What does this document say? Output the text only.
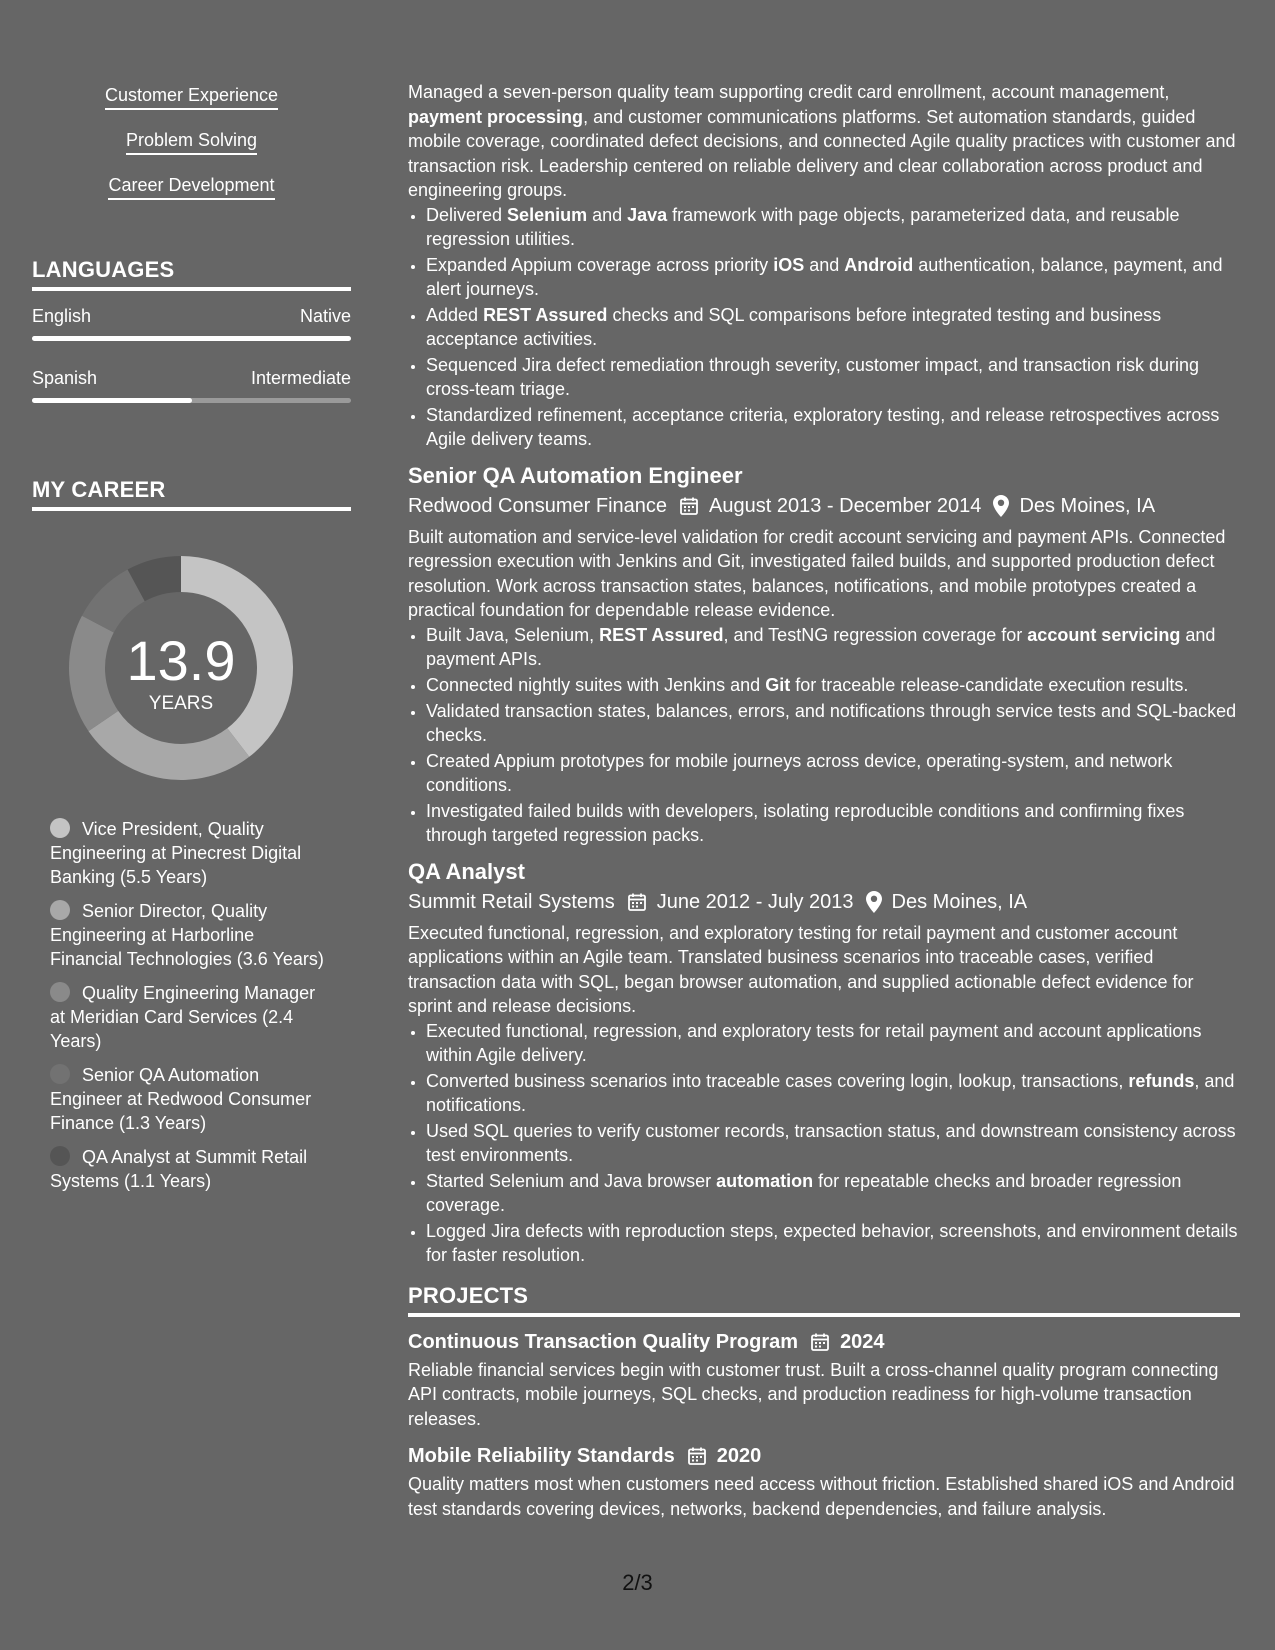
Customer Experience
Problem Solving
Career Development
LANGUAGES
English	Native
Spanish	Intermediate
MY CAREER
13.9
YEARS
Vice President, Quality Engineering at Pinecrest Digital Banking (5.5 Years)
Senior Director, Quality Engineering at Harborline Financial Technologies (3.6 Years)
Quality Engineering Manager at Meridian Card Services (2.4 Years)
Senior QA Automation Engineer at Redwood Consumer Finance (1.3 Years)
QA Analyst at Summit Retail Systems (1.1 Years)

Managed a seven-person quality team supporting credit card enrollment, account management, payment processing, and customer communications platforms. Set automation standards, guided mobile coverage, coordinated defect decisions, and connected Agile quality practices with customer and transaction risk. Leadership centered on reliable delivery and clear collaboration across product and engineering groups.

• Delivered Selenium and Java framework with page objects, parameterized data, and reusable regression utilities.
• Expanded Appium coverage across priority iOS and Android authentication, balance, payment, and alert journeys.
• Added REST Assured checks and SQL comparisons before integrated testing and business acceptance activities.
• Sequenced Jira defect remediation through severity, customer impact, and transaction risk during cross-team triage.
• Standardized refinement, acceptance criteria, exploratory testing, and release retrospectives across Agile delivery teams.
Senior QA Automation Engineer
Redwood Consumer Finance August 2013 - December 2014 Des Moines, IA

Built automation and service-level validation for credit account servicing and payment APIs. Connected regression execution with Jenkins and Git, investigated failed builds, and supported production defect resolution. Work across transaction states, balances, notifications, and mobile prototypes created a practical foundation for dependable release evidence.

• Built Java, Selenium, REST Assured, and TestNG regression coverage for account servicing and payment APIs.
• Connected nightly suites with Jenkins and Git for traceable release-candidate execution results.
• Validated transaction states, balances, errors, and notifications through service tests and SQL-backed checks.
• Created Appium prototypes for mobile journeys across device, operating-system, and network conditions.
• Investigated failed builds with developers, isolating reproducible conditions and confirming fixes through targeted regression packs.
QA Analyst
Summit Retail Systems June 2012 - July 2013 Des Moines, IA

Executed functional, regression, and exploratory testing for retail payment and customer account applications within an Agile team. Translated business scenarios into traceable cases, verified transaction data with SQL, began browser automation, and supplied actionable defect evidence for sprint and release decisions.

• Executed functional, regression, and exploratory tests for retail payment and account applications within Agile delivery.
• Converted business scenarios into traceable cases covering login, lookup, transactions, refunds, and notifications.
• Used SQL queries to verify customer records, transaction status, and downstream consistency across test environments.
• Started Selenium and Java browser automation for repeatable checks and broader regression coverage.
• Logged Jira defects with reproduction steps, expected behavior, screenshots, and environment details for faster resolution.
PROJECTS
Continuous Transaction Quality Program 2024

Reliable financial services begin with customer trust. Built a cross-channel quality program connecting API contracts, mobile journeys, SQL checks, and production readiness for high-volume transaction releases.

Mobile Reliability Standards 2020

Quality matters most when customers need access without friction. Established shared iOS and Android test standards covering devices, networks, backend dependencies, and failure analysis.

2/3
